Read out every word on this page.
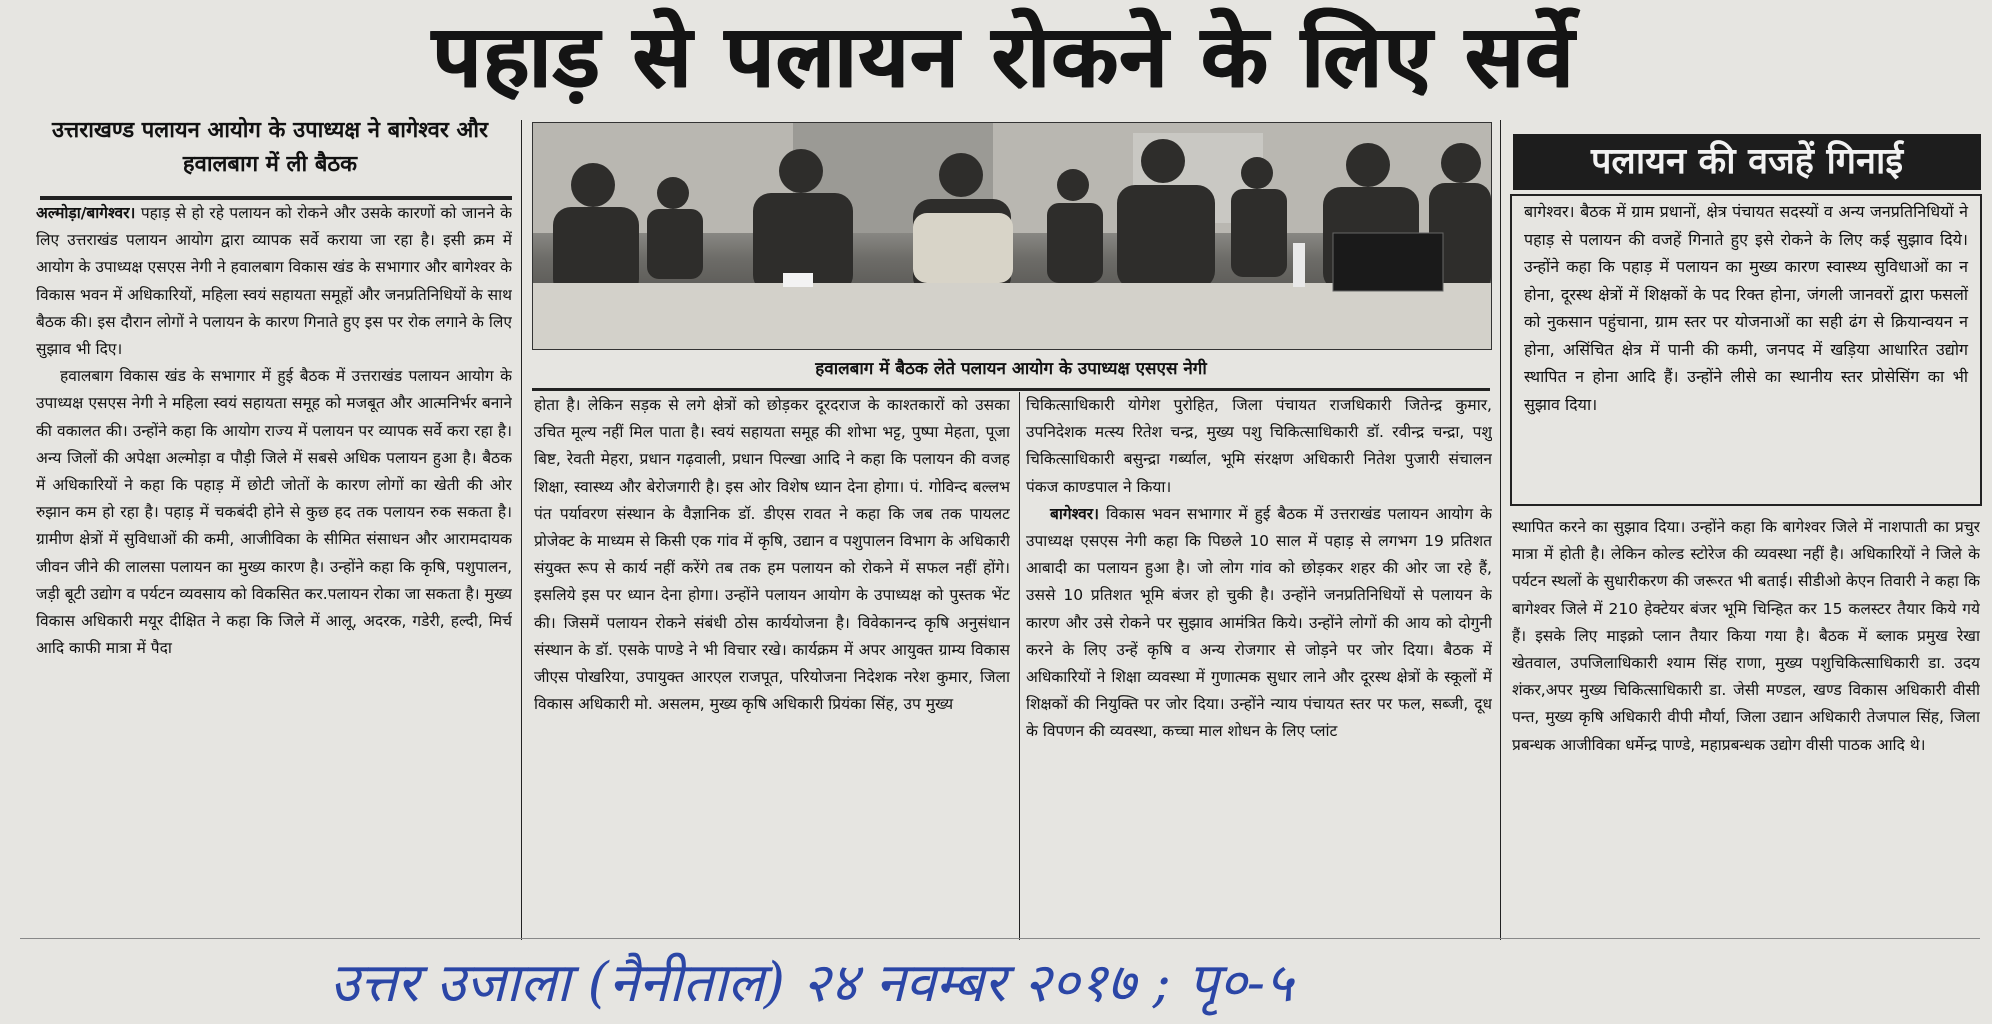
पहाड़ से पलायन रोकने के लिए सर्वे
उत्तराखण्ड पलायन आयोग के उपाध्यक्ष ने बागेश्वर और हवालबाग में ली बैठक

अल्मोड़ा/बागेश्वर। पहाड़ से हो रहे पलायन को रोकने और उसके कारणों को जानने के लिए उत्तराखंड पलायन आयोग द्वारा व्यापक सर्वे कराया जा रहा है। इसी क्रम में आयोग के उपाध्यक्ष एसएस नेगी ने हवालबाग विकास खंड के सभागार और बागेश्वर के विकास भवन में अधिकारियों, महिला स्वयं सहायता समूहों और जनप्रतिनिधियों के साथ बैठक की। इस दौरान लोगों ने पलायन के कारण गिनाते हुए इस पर रोक लगाने के लिए सुझाव भी दिए।

हवालबाग विकास खंड के सभागार में हुई बैठक में उत्तराखंड पलायन आयोग के उपाध्यक्ष एसएस नेगी ने महिला स्वयं सहायता समूह को मजबूत और आत्मनिर्भर बनाने की वकालत की। उन्होंने कहा कि आयोग राज्य में पलायन पर व्यापक सर्वे करा रहा है। अन्य जिलों की अपेक्षा अल्मोड़ा व पौड़ी जिले में सबसे अधिक पलायन हुआ है। बैठक में अधिकारियों ने कहा कि पहाड़ में छोटी जोतों के कारण लोगों का खेती की ओर रुझान कम हो रहा है। पहाड़ में चकबंदी होने से कुछ हद तक पलायन रुक सकता है। ग्रामीण क्षेत्रों में सुविधाओं की कमी, आजीविका के सीमित संसाधन और आरामदायक जीवन जीने की लालसा पलायन का मुख्य कारण है। उन्होंने कहा कि कृषि, पशुपालन, जड़ी बूटी उद्योग व पर्यटन व्यवसाय को विकसित कर.पलायन रोका जा सकता है। मुख्य विकास अधिकारी मयूर दीक्षित ने कहा कि जिले में आलू, अदरक, गडेरी, हल्दी, मिर्च आदि काफी मात्रा में पैदा

हवालबाग में बैठक लेते पलायन आयोग के उपाध्यक्ष एसएस नेगी

होता है। लेकिन सड़क से लगे क्षेत्रों को छोड़कर दूरदराज के काश्तकारों को उसका उचित मूल्य नहीं मिल पाता है। स्वयं सहायता समूह की शोभा भट्ट, पुष्पा मेहता, पूजा बिष्ट, रेवती मेहरा, प्रधान गढ़वाली, प्रधान पिल्खा आदि ने कहा कि पलायन की वजह शिक्षा, स्वास्थ्य और बेरोजगारी है। इस ओर विशेष ध्यान देना होगा। पं. गोविन्द बल्लभ पंत पर्यावरण संस्थान के वैज्ञानिक डॉ. डीएस रावत ने कहा कि जब तक पायलट प्रोजेक्ट के माध्यम से किसी एक गांव में कृषि, उद्यान व पशुपालन विभाग के अधिकारी संयुक्त रूप से कार्य नहीं करेंगे तब तक हम पलायन को रोकने में सफल नहीं होंगे। इसलिये इस पर ध्यान देना होगा। उन्होंने पलायन आयोग के उपाध्यक्ष को पुस्तक भेंट की। जिसमें पलायन रोकने संबंधी ठोस कार्ययोजना है। विवेकानन्द कृषि अनुसंधान संस्थान के डॉ. एसके पाण्डे ने भी विचार रखे। कार्यक्रम में अपर आयुक्त ग्राम्य विकास जीएस पोखरिया, उपायुक्त आरएल राजपूत, परियोजना निदेशक नरेश कुमार, जिला विकास अधिकारी मो. असलम, मुख्य कृषि अधिकारी प्रियंका सिंह, उप मुख्य

चिकित्साधिकारी योगेश पुरोहित, जिला पंचायत राजधिकारी जितेन्द्र कुमार, उपनिदेशक मत्स्य रितेश चन्द्र, मुख्य पशु चिकित्साधिकारी डॉ. रवीन्द्र चन्द्रा, पशु चिकित्साधिकारी बसुन्द्रा गर्ब्याल, भूमि संरक्षण अधिकारी नितेश पुजारी संचालन पंकज काण्डपाल ने किया।

बागेश्वर। विकास भवन सभागार में हुई बैठक में उत्तराखंड पलायन आयोग के उपाध्यक्ष एसएस नेगी कहा कि पिछले 10 साल में पहाड़ से लगभग 19 प्रतिशत आबादी का पलायन हुआ है। जो लोग गांव को छोड़कर शहर की ओर जा रहे हैं, उससे 10 प्रतिशत भूमि बंजर हो चुकी है। उन्होंने जनप्रतिनिधियों से पलायन के कारण और उसे रोकने पर सुझाव आमंत्रित किये। उन्होंने लोगों की आय को दोगुनी करने के लिए उन्हें कृषि व अन्य रोजगार से जोड़ने पर जोर दिया। बैठक में अधिकारियों ने शिक्षा व्यवस्था में गुणात्मक सुधार लाने और दूरस्थ क्षेत्रों के स्कूलों में शिक्षकों की नियुक्ति पर जोर दिया। उन्होंने न्याय पंचायत स्तर पर फल, सब्जी, दूध के विपणन की व्यवस्था, कच्चा माल शोधन के लिए प्लांट

पलायन की वजहें गिनाई
बागेश्वर। बैठक में ग्राम प्रधानों, क्षेत्र पंचायत सदस्यों व अन्य जनप्रतिनिधियों ने पहाड़ से पलायन की वजहें गिनाते हुए इसे रोकने के लिए कई सुझाव दिये। उन्होंने कहा कि पहाड़ में पलायन का मुख्य कारण स्वास्थ्य सुविधाओं का न होना, दूरस्थ क्षेत्रों में शिक्षकों के पद रिक्त होना, जंगली जानवरों द्वारा फसलों को नुकसान पहुंचाना, ग्राम स्तर पर योजनाओं का सही ढंग से क्रियान्वयन न होना, असिंचित क्षेत्र में पानी की कमी, जनपद में खड़िया आधारित उद्योग स्थापित न होना आदि हैं। उन्होंने लीसे का स्थानीय स्तर प्रोसेसिंग का भी सुझाव दिया।

स्थापित करने का सुझाव दिया। उन्होंने कहा कि बागेश्वर जिले में नाशपाती का प्रचुर मात्रा में होती है। लेकिन कोल्ड स्टोरेज की व्यवस्था नहीं है। अधिकारियों ने जिले के पर्यटन स्थलों के सुधारीकरण की जरूरत भी बताई। सीडीओ केएन तिवारी ने कहा कि बागेश्वर जिले में 210 हेक्टेयर बंजर भूमि चिन्हित कर 15 कलस्टर तैयार किये गये हैं। इसके लिए माइक्रो प्लान तैयार किया गया है। बैठक में ब्लाक प्रमुख रेखा खेतवाल, उपजिलाधिकारी श्याम सिंह राणा, मुख्य पशुचिकित्साधिकारी डा. उदय शंकर,अपर मुख्य चिकित्साधिकारी डा. जेसी मण्डल, खण्ड विकास अधिकारी वीसी पन्त, मुख्य कृषि अधिकारी वीपी मौर्या, जिला उद्यान अधिकारी तेजपाल सिंह, जिला प्रबन्धक आजीविका धर्मेन्द्र पाण्डे, महाप्रबन्धक उद्योग वीसी पाठक आदि थे।

उत्तर उजाला (नैनीताल) २४ नवम्बर २०१७ ; पृ०-५
